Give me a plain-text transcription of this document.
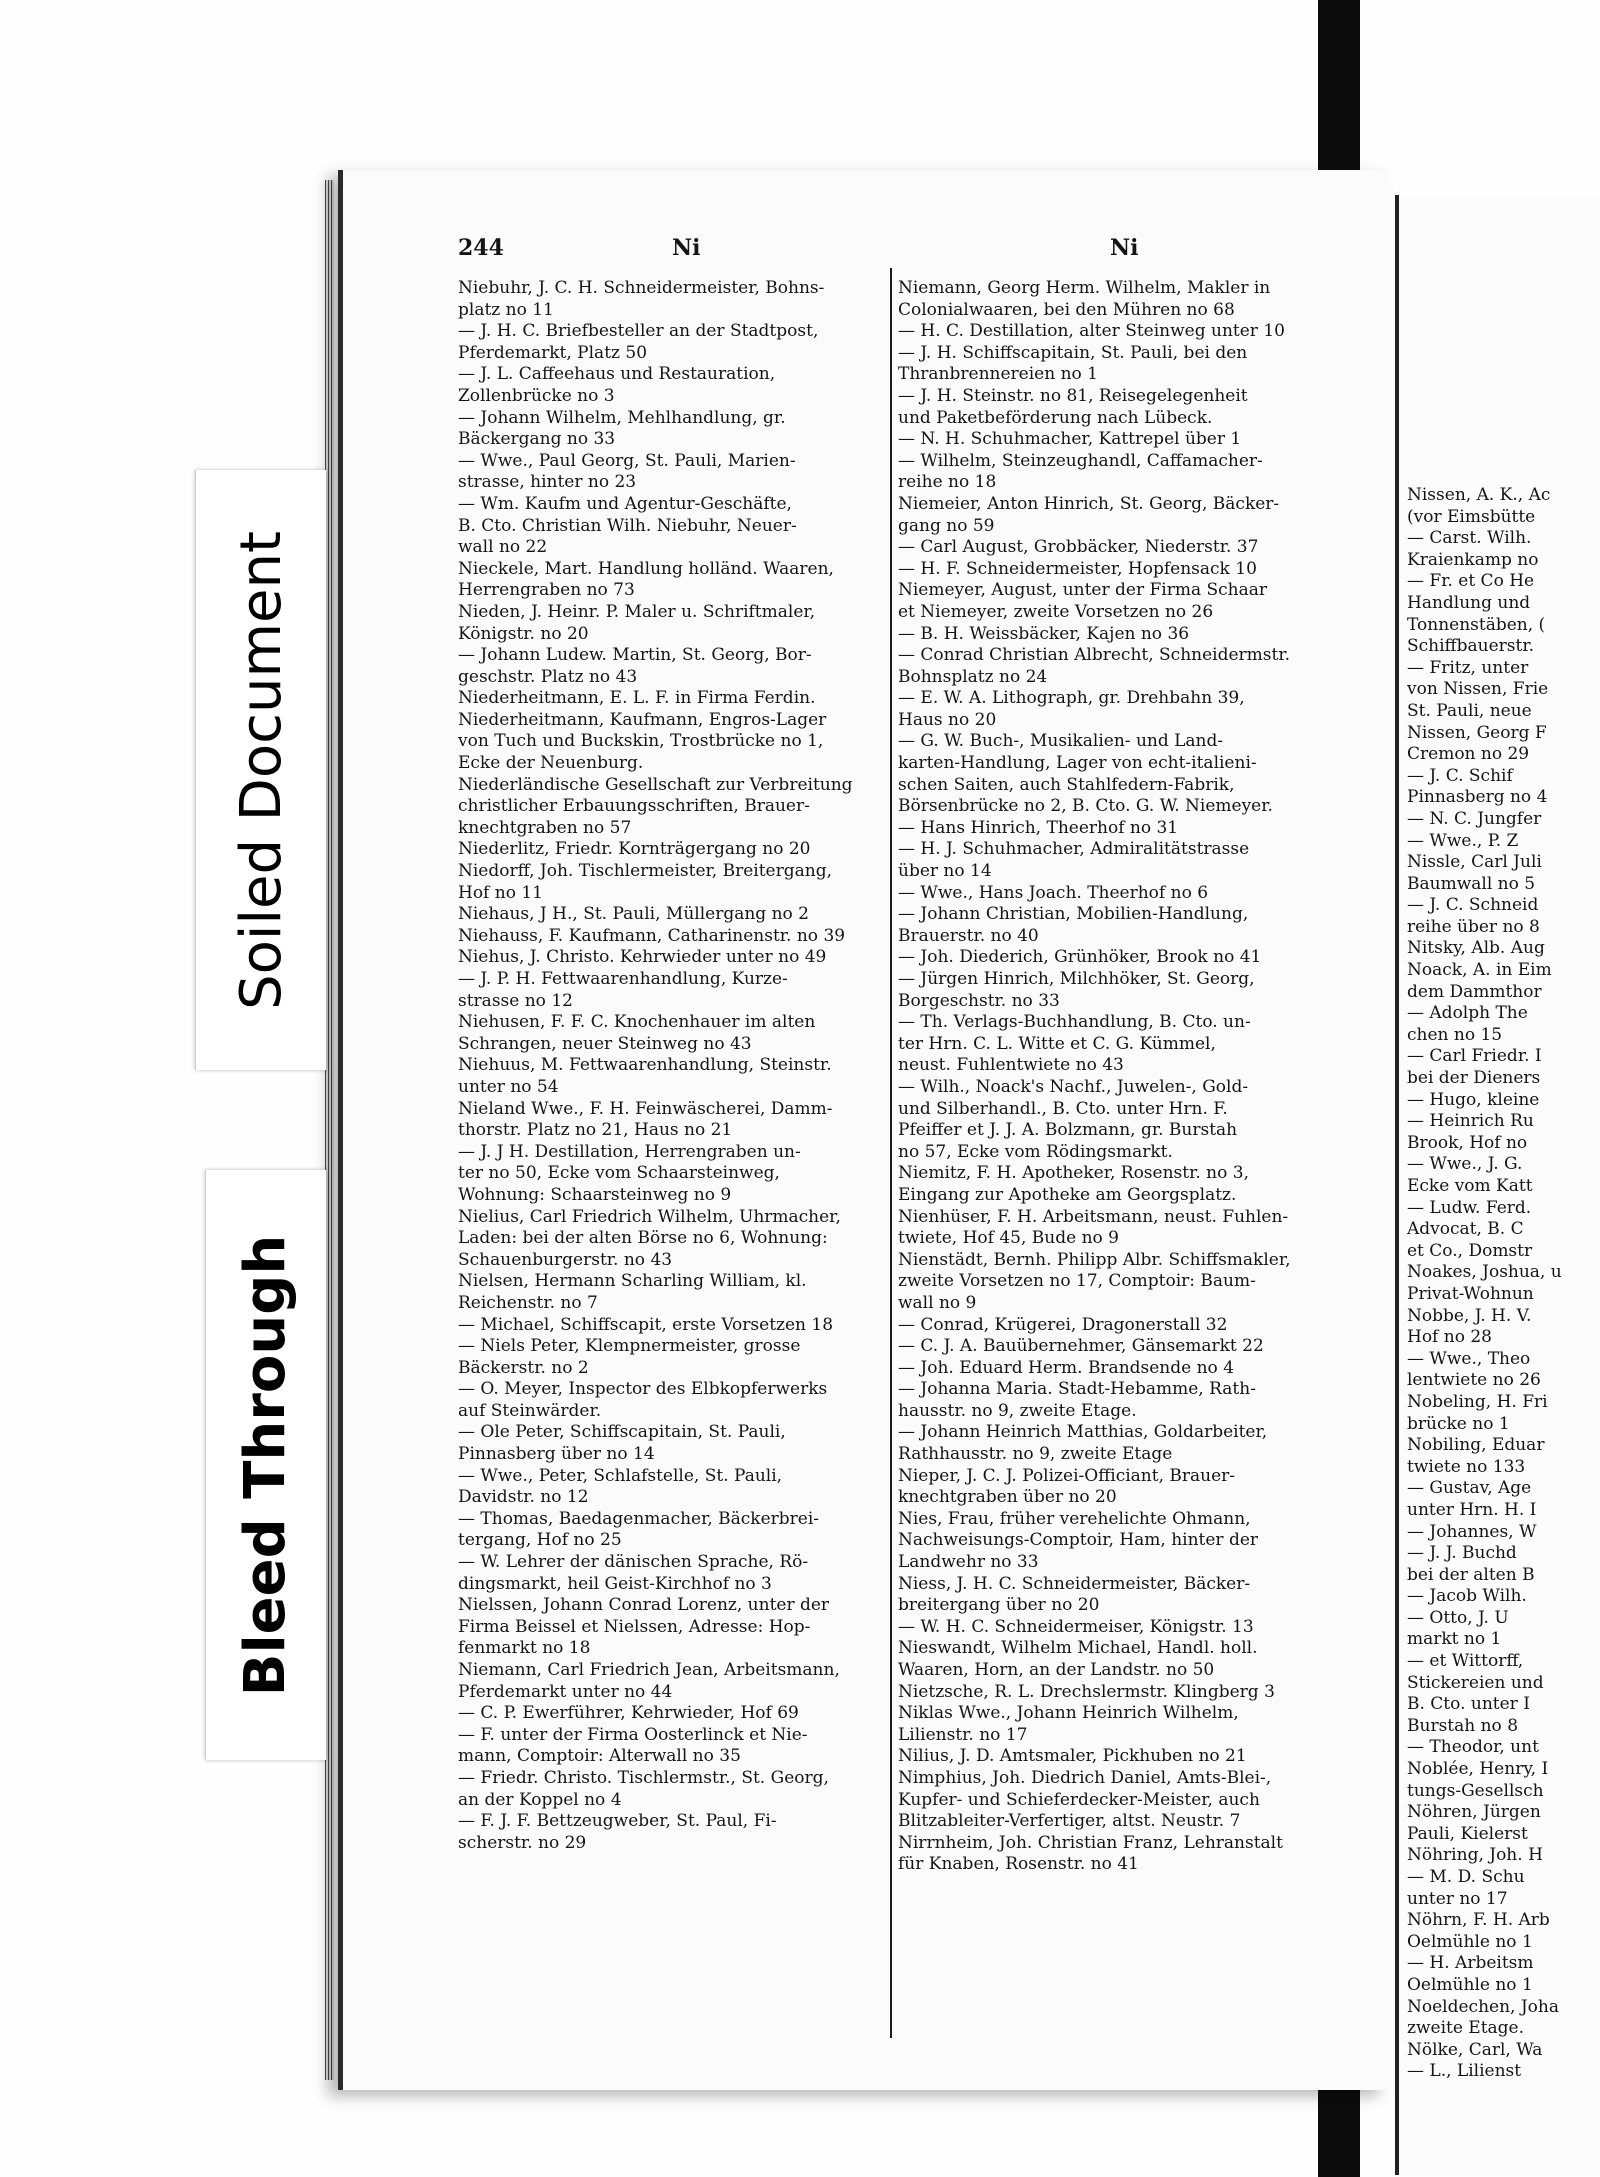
Nissen, A. K., Ac
(vor Eimsbütte
— Carst. Wilh.
Kraienkamp no
— Fr. et Co He
Handlung und
Tonnenstäben, (
Schiffbauerstr.
— Fritz, unter
von Nissen, Frie
St. Pauli, neue
Nissen, Georg F
Cremon no 29
— J. C. Schif
Pinnasberg no 4
— N. C. Jungfer
— Wwe., P. Z
Nissle, Carl Juli
Baumwall no 5
— J. C. Schneid
reihe über no 8
Nitsky, Alb. Aug
Noack, A. in Eim
dem Dammthor
— Adolph The
chen no 15
— Carl Friedr. I
bei der Dieners
— Hugo, kleine
— Heinrich Ru
Brook, Hof no
— Wwe., J. G.
Ecke vom Katt
— Ludw. Ferd.
Advocat, B. C
et Co., Domstr
Noakes, Joshua, u
Privat-Wohnun
Nobbe, J. H. V.
Hof no 28
— Wwe., Theo
lentwiete no 26
Nobeling, H. Fri
brücke no 1
Nobiling, Eduar
twiete no 133
— Gustav, Age
unter Hrn. H. I
— Johannes, W
— J. J. Buchd
bei der alten B
— Jacob Wilh.
— Otto, J. U
markt no 1
— et Wittorff,
Stickereien und
B. Cto. unter I
Burstah no 8
— Theodor, unt
Noblée, Henry, I
tungs-Gesellsch
Nöhren, Jürgen
Pauli, Kielerst
Nöhring, Joh. H
— M. D. Schu
unter no 17
Nöhrn, F. H. Arb
Oelmühle no 1
— H. Arbeitsm
Oelmühle no 1
Noeldechen, Joha
zweite Etage.
Nölke, Carl, Wa
— L., Lilienst
244	Ni	Ni
Niebuhr, J. C. H. Schneidermeister, Bohns-
platz no 11
— J. H. C. Briefbesteller an der Stadtpost,
Pferdemarkt, Platz 50
— J. L. Caffeehaus und Restauration,
Zollenbrücke no 3
— Johann Wilhelm, Mehlhandlung, gr.
Bäckergang no 33
— Wwe., Paul Georg, St. Pauli, Marien-
strasse, hinter no 23
— Wm. Kaufm und Agentur-Geschäfte,
B. Cto. Christian Wilh. Niebuhr, Neuer-
wall no 22
Nieckele, Mart. Handlung holländ. Waaren,
Herrengraben no 73
Nieden, J. Heinr. P. Maler u. Schriftmaler,
Königstr. no 20
— Johann Ludew. Martin, St. Georg, Bor-
geschstr. Platz no 43
Niederheitmann, E. L. F. in Firma Ferdin.
Niederheitmann, Kaufmann, Engros-Lager
von Tuch und Buckskin, Trostbrücke no 1,
Ecke der Neuenburg.
Niederländische Gesellschaft zur Verbreitung
christlicher Erbauungsschriften, Brauer-
knechtgraben no 57
Niederlitz, Friedr. Kornträgergang no 20
Niedorff, Joh. Tischlermeister, Breitergang,
Hof no 11
Niehaus, J H., St. Pauli, Müllergang no 2
Niehauss, F. Kaufmann, Catharinenstr. no 39
Niehus, J. Christo. Kehrwieder unter no 49
— J. P. H. Fettwaarenhandlung, Kurze-
strasse no 12
Niehusen, F. F. C. Knochenhauer im alten
Schrangen, neuer Steinweg no 43
Niehuus, M. Fettwaarenhandlung, Steinstr.
unter no 54
Nieland Wwe., F. H. Feinwäscherei, Damm-
thorstr. Platz no 21, Haus no 21
— J. J H. Destillation, Herrengraben un-
ter no 50, Ecke vom Schaarsteinweg,
Wohnung: Schaarsteinweg no 9
Nielius, Carl Friedrich Wilhelm, Uhrmacher,
Laden: bei der alten Börse no 6, Wohnung:
Schauenburgerstr. no 43
Nielsen, Hermann Scharling William, kl.
Reichenstr. no 7
— Michael, Schiffscapit, erste Vorsetzen 18
— Niels Peter, Klempnermeister, grosse
Bäckerstr. no 2
— O. Meyer, Inspector des Elbkopferwerks
auf Steinwärder.
— Ole Peter, Schiffscapitain, St. Pauli,
Pinnasberg über no 14
— Wwe., Peter, Schlafstelle, St. Pauli,
Davidstr. no 12
— Thomas, Baedagenmacher, Bäckerbrei-
tergang, Hof no 25
— W. Lehrer der dänischen Sprache, Rö-
dingsmarkt, heil Geist-Kirchhof no 3
Nielssen, Johann Conrad Lorenz, unter der
Firma Beissel et Nielssen, Adresse: Hop-
fenmarkt no 18
Niemann, Carl Friedrich Jean, Arbeitsmann,
Pferdemarkt unter no 44
— C. P. Ewerführer, Kehrwieder, Hof 69
— F. unter der Firma Oosterlinck et Nie-
mann, Comptoir: Alterwall no 35
— Friedr. Christo. Tischlermstr., St. Georg,
an der Koppel no 4
— F. J. F. Bettzeugweber, St. Paul, Fi-
scherstr. no 29
Niemann, Georg Herm. Wilhelm, Makler in
Colonialwaaren, bei den Mühren no 68
— H. C. Destillation, alter Steinweg unter 10
— J. H. Schiffscapitain, St. Pauli, bei den
Thranbrennereien no 1
— J. H. Steinstr. no 81, Reisegelegenheit
und Paketbeförderung nach Lübeck.
— N. H. Schuhmacher, Kattrepel über 1
— Wilhelm, Steinzeughandl, Caffamacher-
reihe no 18
Niemeier, Anton Hinrich, St. Georg, Bäcker-
gang no 59
— Carl August, Grobbäcker, Niederstr. 37
— H. F. Schneidermeister, Hopfensack 10
Niemeyer, August, unter der Firma Schaar
et Niemeyer, zweite Vorsetzen no 26
— B. H. Weissbäcker, Kajen no 36
— Conrad Christian Albrecht, Schneidermstr.
Bohnsplatz no 24
— E. W. A. Lithograph, gr. Drehbahn 39,
Haus no 20
— G. W. Buch-, Musikalien- und Land-
karten-Handlung, Lager von echt-italieni-
schen Saiten, auch Stahlfedern-Fabrik,
Börsenbrücke no 2, B. Cto. G. W. Niemeyer.
— Hans Hinrich, Theerhof no 31
— H. J. Schuhmacher, Admiralitätstrasse
über no 14
— Wwe., Hans Joach. Theerhof no 6
— Johann Christian, Mobilien-Handlung,
Brauerstr. no 40
— Joh. Diederich, Grünhöker, Brook no 41
— Jürgen Hinrich, Milchhöker, St. Georg,
Borgeschstr. no 33
— Th. Verlags-Buchhandlung, B. Cto. un-
ter Hrn. C. L. Witte et C. G. Kümmel,
neust. Fuhlentwiete no 43
— Wilh., Noack's Nachf., Juwelen-, Gold-
und Silberhandl., B. Cto. unter Hrn. F.
Pfeiffer et J. J. A. Bolzmann, gr. Burstah
no 57, Ecke vom Rödingsmarkt.
Niemitz, F. H. Apotheker, Rosenstr. no 3,
Eingang zur Apotheke am Georgsplatz.
Nienhüser, F. H. Arbeitsmann, neust. Fuhlen-
twiete, Hof 45, Bude no 9
Nienstädt, Bernh. Philipp Albr. Schiffsmakler,
zweite Vorsetzen no 17, Comptoir: Baum-
wall no 9
— Conrad, Krügerei, Dragonerstall 32
— C. J. A. Bauübernehmer, Gänsemarkt 22
— Joh. Eduard Herm. Brandsende no 4
— Johanna Maria. Stadt-Hebamme, Rath-
hausstr. no 9, zweite Etage.
— Johann Heinrich Matthias, Goldarbeiter,
Rathhausstr. no 9, zweite Etage
Nieper, J. C. J. Polizei-Officiant, Brauer-
knechtgraben über no 20
Nies, Frau, früher verehelichte Ohmann,
Nachweisungs-Comptoir, Ham, hinter der
Landwehr no 33
Niess, J. H. C. Schneidermeister, Bäcker-
breitergang über no 20
— W. H. C. Schneidermeiser, Königstr. 13
Nieswandt, Wilhelm Michael, Handl. holl.
Waaren, Horn, an der Landstr. no 50
Nietzsche, R. L. Drechslermstr. Klingberg 3
Niklas Wwe., Johann Heinrich Wilhelm,
Lilienstr. no 17
Nilius, J. D. Amtsmaler, Pickhuben no 21
Nimphius, Joh. Diedrich Daniel, Amts-Blei-,
Kupfer- und Schieferdecker-Meister, auch
Blitzableiter-Verfertiger, altst. Neustr. 7
Nirrnheim, Joh. Christian Franz, Lehranstalt
für Knaben, Rosenstr. no 41
Soiled Document
Bleed Through
